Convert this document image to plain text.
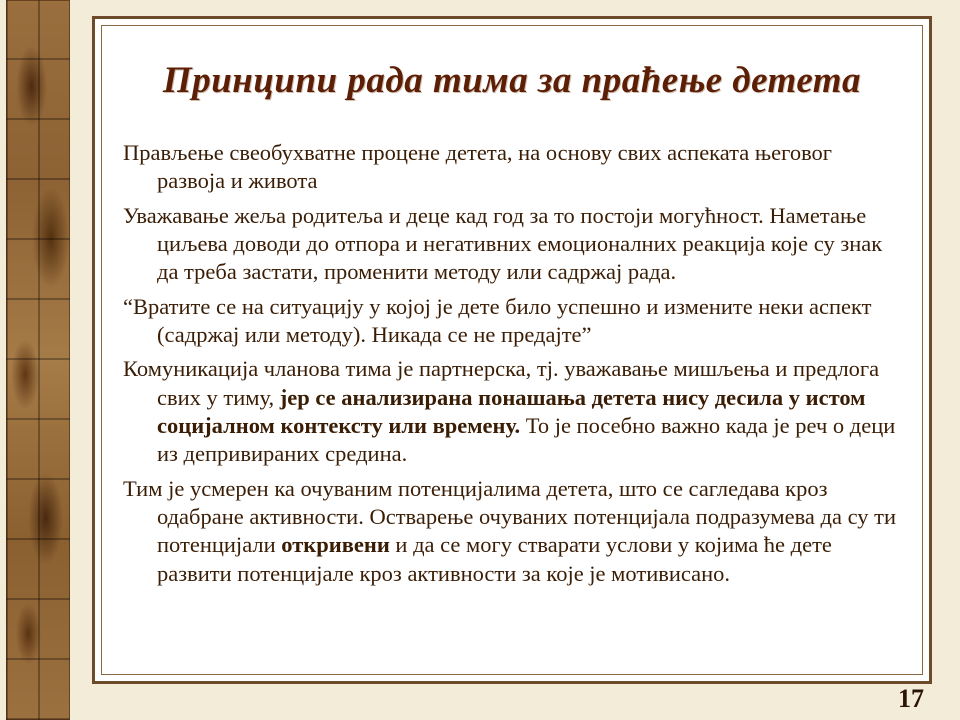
Принципи рада тима за праћење детета
Прављење свеобухватне процене детета, на основу свих аспеката његовог развоја и живота
Уважавање жеља родитеља и деце кад год за то постоји могућност. Наметање циљева доводи до отпора и негативних емоционалних реакција које су знак да треба застати, променити методу или садржај рада.
“Вратите се на ситуацију у којој је дете било успешно и измените неки аспект (садржај или методу). Никада се не предајте”
Комуникација чланова тима је партнерска, тј. уважавање мишљења и предлога свих у тиму, јер се анализирана понашања детета нису десила у истом социјалном контексту или времену. То је посебно важно када је реч о деци из депривираних средина.
Тим је усмерен ка очуваним потенцијалима детета, што се сагледава кроз одабране активности. Остварење очуваних потенцијала подразумева да су ти потенцијали откривени и да се могу стварати услови у којима ће дете развити потенцијале кроз активности за које је мотивисано.
17
